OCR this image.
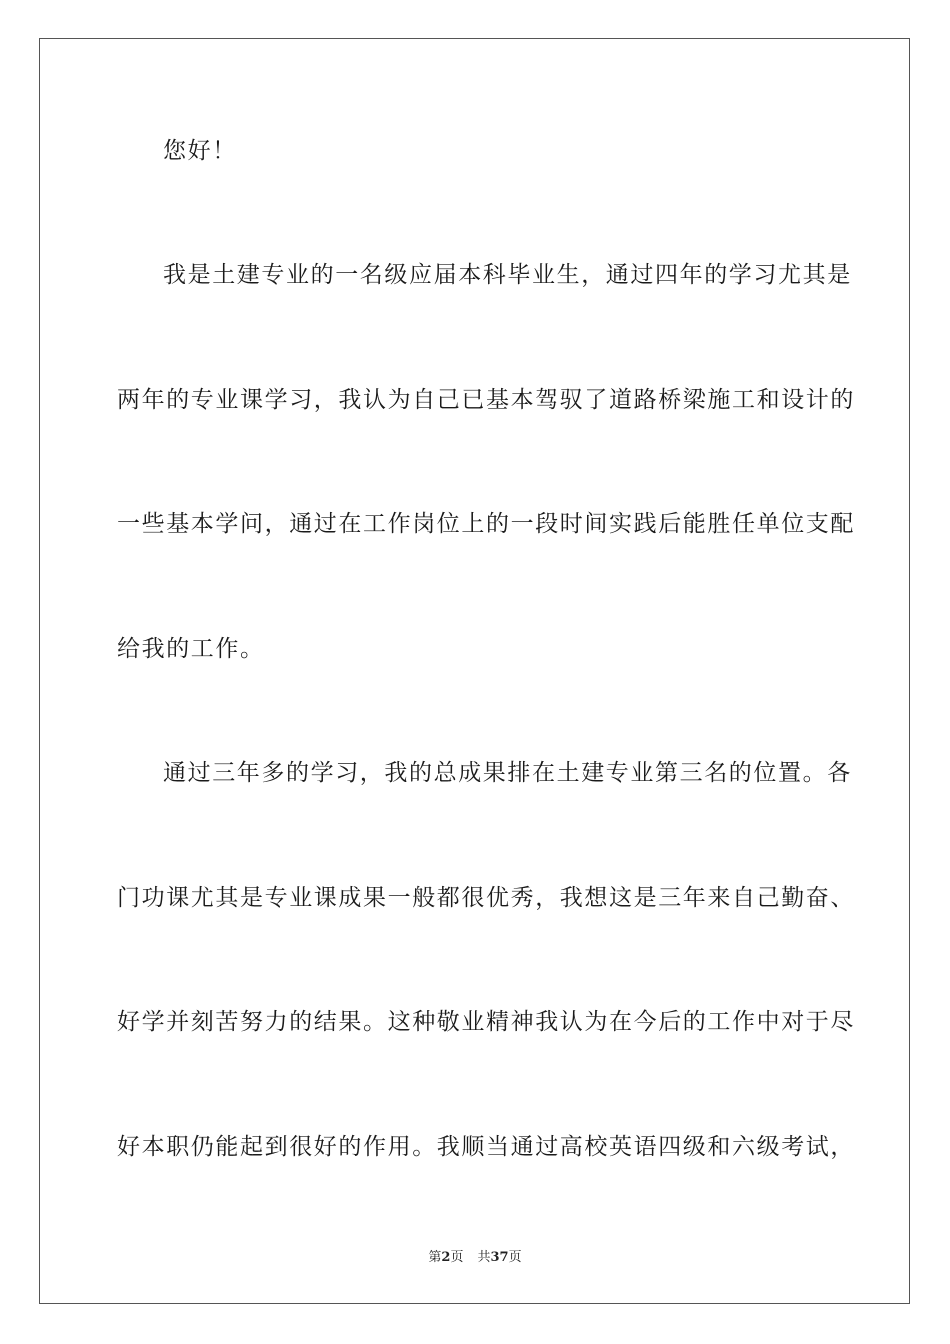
您好！
我是土建专业的一名级应届本科毕业生，通过四年的学习尤其是
两年的专业课学习，我认为自己已基本驾驭了道路桥梁施工和设计的
一些基本学问，通过在工作岗位上的一段时间实践后能胜任单位支配
给我的工作。
通过三年多的学习，我的总成果排在土建专业第三名的位置。各
门功课尤其是专业课成果一般都很优秀，我想这是三年来自己勤奋、
好学并刻苦努力的结果。这种敬业精神我认为在今后的工作中对于尽
好本职仍能起到很好的作用。我顺当通过高校英语四级和六级考试，
第2页 共37页
